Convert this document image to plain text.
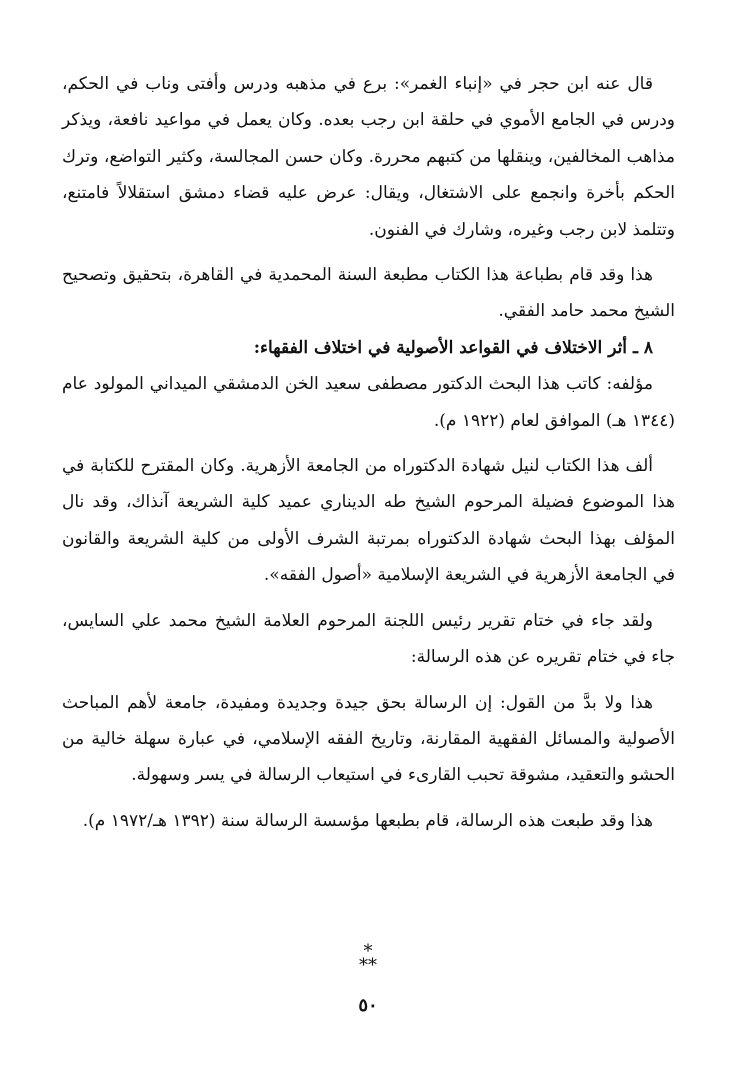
قال عنه ابن حجر في «إنباء الغمر»: برع في مذهبه ودرس وأفتى وناب في الحكم، ودرس في الجامع الأموي في حلقة ابن رجب بعده. وكان يعمل في مواعيد نافعة، ويذكر مذاهب المخالفين، وينقلها من كتبهم محررة. وكان حسن المجالسة، وكثير التواضع، وترك الحكم بأخرة وانجمع على الاشتغال، ويقال: عرض عليه قضاء دمشق استقلالاً فامتنع، وتتلمذ لابن رجب وغيره، وشارك في الفنون.

هذا وقد قام بطباعة هذا الكتاب مطبعة السنة المحمدية في القاهرة، بتحقيق وتصحيح الشيخ محمد حامد الفقي.

٨ ـ أثر الاختلاف في القواعد الأصولية في اختلاف الفقهاء:

مؤلفه: كاتب هذا البحث الدكتور مصطفى سعيد الخن الدمشقي الميداني المولود عام (١٣٤٤ هـ) الموافق لعام (١٩٢٢ م).

ألف هذا الكتاب لنيل شهادة الدكتوراه من الجامعة الأزهرية. وكان المقترح للكتابة في هذا الموضوع فضيلة المرحوم الشيخ طه الديناري عميد كلية الشريعة آنذاك، وقد نال المؤلف بهذا البحث شهادة الدكتوراه بمرتبة الشرف الأولى من كلية الشريعة والقانون في الجامعة الأزهرية في الشريعة الإسلامية «أصول الفقه».

ولقد جاء في ختام تقرير رئيس اللجنة المرحوم العلامة الشيخ محمد علي السايس، جاء في ختام تقريره عن هذه الرسالة:

هذا ولا بدَّ من القول: إن الرسالة بحق جيدة وجديدة ومفيدة، جامعة لأهم المباحث الأصولية والمسائل الفقهية المقارنة، وتاريخ الفقه الإسلامي، في عبارة سهلة خالية من الحشو والتعقيد، مشوقة تحبب القارىء في استيعاب الرسالة في يسر وسهولة.

هذا وقد طبعت هذه الرسالة، قام بطبعها مؤسسة الرسالة سنة (١٣٩٢ هـ/١٩٧٢ م).

*
**
٥٠
